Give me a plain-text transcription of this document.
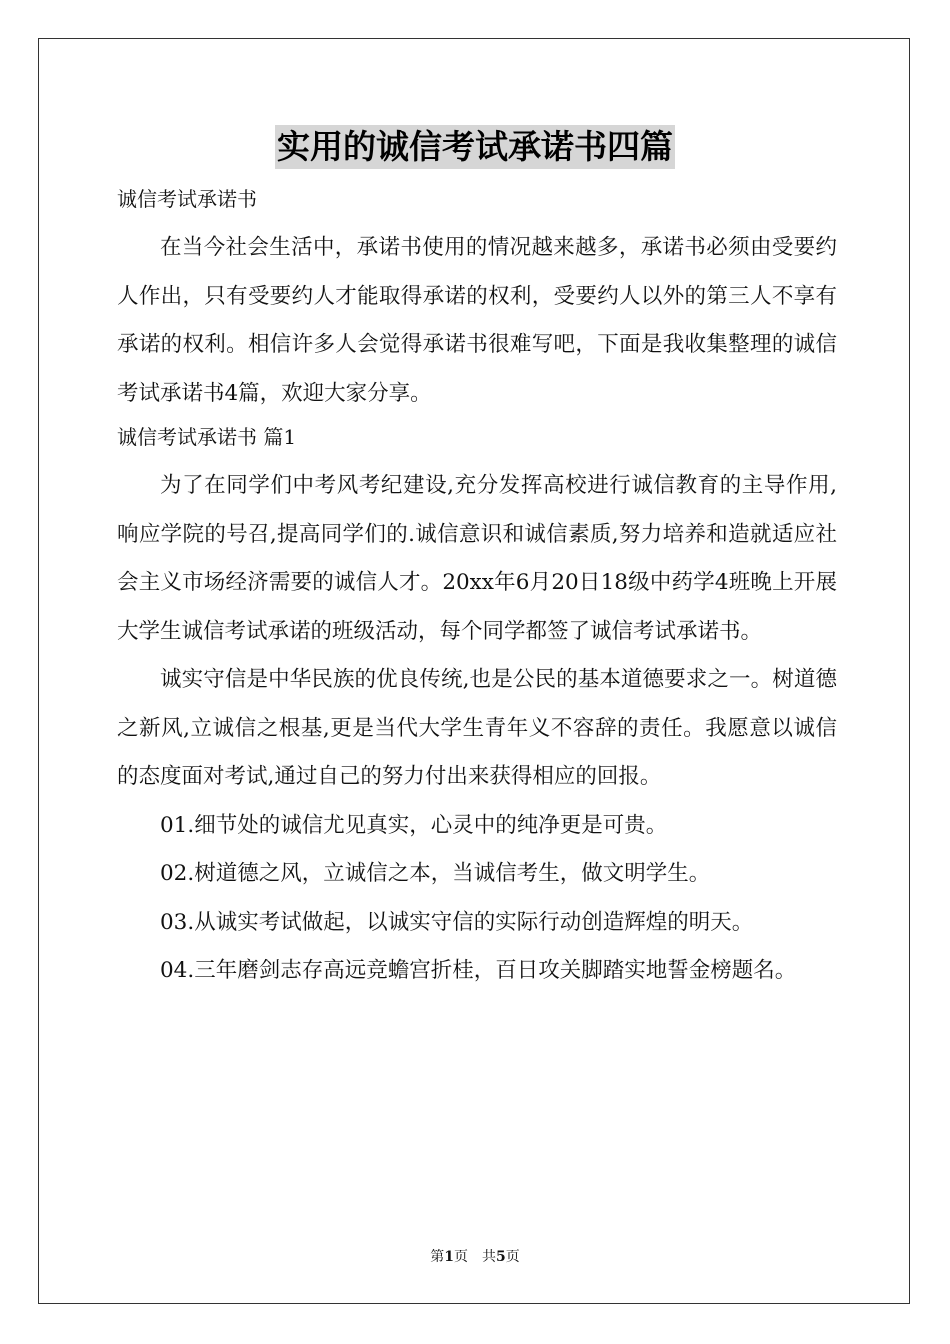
实用的诚信考试承诺书四篇

诚信考试承诺书

在当今社会生活中，承诺书使用的情况越来越多，承诺书必须由受要约人作出，只有受要约人才能取得承诺的权利，受要约人以外的第三人不享有承诺的权利。相信许多人会觉得承诺书很难写吧，下面是我收集整理的诚信考试承诺书4篇，欢迎大家分享。

诚信考试承诺书 篇1

为了在同学们中考风考纪建设,充分发挥高校进行诚信教育的主导作用,响应学院的号召,提高同学们的.诚信意识和诚信素质,努力培养和造就适应社会主义市场经济需要的诚信人才。20xx年6月20日18级中药学4班晚上开展大学生诚信考试承诺的班级活动，每个同学都签了诚信考试承诺书。

诚实守信是中华民族的优良传统,也是公民的基本道德要求之一。树道德之新风,立诚信之根基,更是当代大学生青年义不容辞的责任。我愿意以诚信的态度面对考试,通过自己的努力付出来获得相应的回报。

01.细节处的诚信尤见真实，心灵中的纯净更是可贵。

02.树道德之风，立诚信之本，当诚信考生，做文明学生。

03.从诚实考试做起，以诚实守信的实际行动创造辉煌的明天。

04.三年磨剑志存高远竞蟾宫折桂，百日攻关脚踏实地誓金榜题名。

第1页　共5页
